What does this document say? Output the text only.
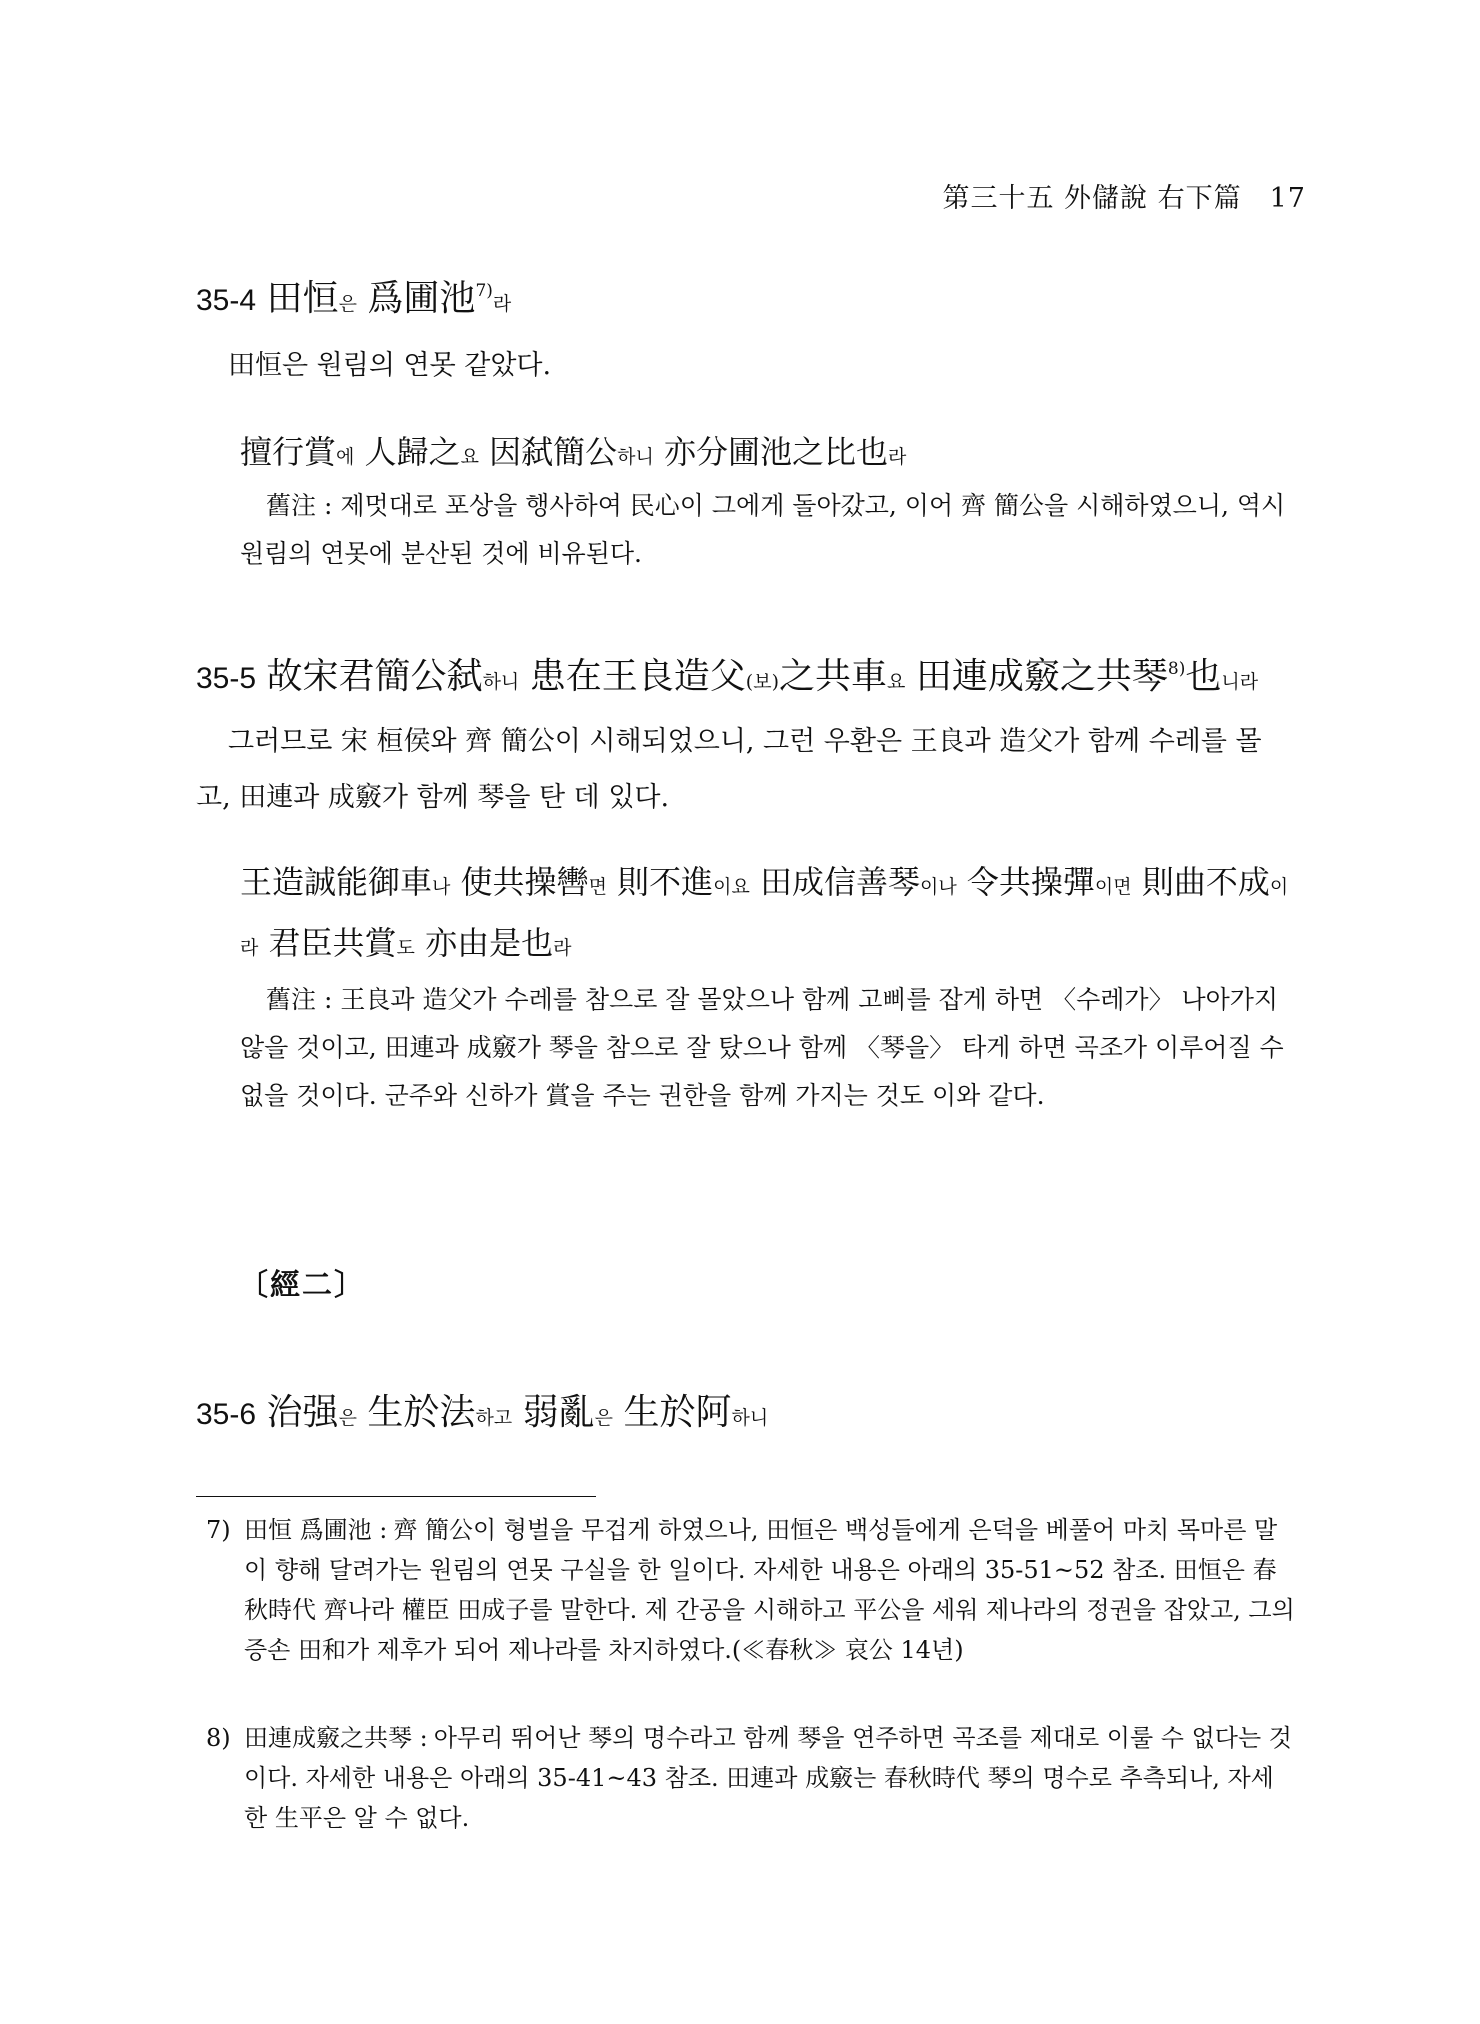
第三十五 外儲說 右下篇　17
35-4 田恒은 爲圃池$^{7)}$라
田恒은 원림의 연못 같았다.
擅行賞에 人歸之요 因弑簡公하니 亦分圃池之比也라
舊注 : 제멋대로 포상을 행사하여 民心이 그에게 돌아갔고, 이어 齊 簡公을 시해하였으니, 역시 원림의 연못에 분산된 것에 비유된다.
35-5 故宋君簡公弑하니 患在王良造父(보)之共車요 田連成竅之共琴$^{8)}$也니라
그러므로 宋 桓侯와 齊 簡公이 시해되었으니, 그런 우환은 王良과 造父가 함께 수레를 몰고, 田連과 成竅가 함께 琴을 탄 데 있다.
王造誠能御車나 使共操轡면 則不進이요 田成信善琴이나 令共操彈이면 則曲不成이라 君臣共賞도 亦由是也라
舊注 : 王良과 造父가 수레를 참으로 잘 몰았으나 함께 고삐를 잡게 하면 〈수레가〉 나아가지 않을 것이고, 田連과 成竅가 琴을 참으로 잘 탔으나 함께 〈琴을〉 타게 하면 곡조가 이루어질 수 없을 것이다. 군주와 신하가 賞을 주는 권한을 함께 가지는 것도 이와 같다.
〔經二〕
35-6 治强은 生於法하고 弱亂은 生於阿하니
7) 田恒 爲圃池 : 齊 簡公이 형벌을 무겁게 하였으나, 田恒은 백성들에게 은덕을 베풀어 마치 목마른 말이 향해 달려가는 원림의 연못 구실을 한 일이다. 자세한 내용은 아래의 35-51~52 참조. 田恒은 春秋時代 齊나라 權臣 田成子를 말한다. 제 간공을 시해하고 平公을 세워 제나라의 정권을 잡았고, 그의 증손 田和가 제후가 되어 제나라를 차지하였다.(≪春秋≫ 哀公 14년)
8) 田連成竅之共琴 : 아무리 뛰어난 琴의 명수라고 함께 琴을 연주하면 곡조를 제대로 이룰 수 없다는 것이다. 자세한 내용은 아래의 35-41~43 참조. 田連과 成竅는 春秋時代 琴의 명수로 추측되나, 자세한 生平은 알 수 없다.
